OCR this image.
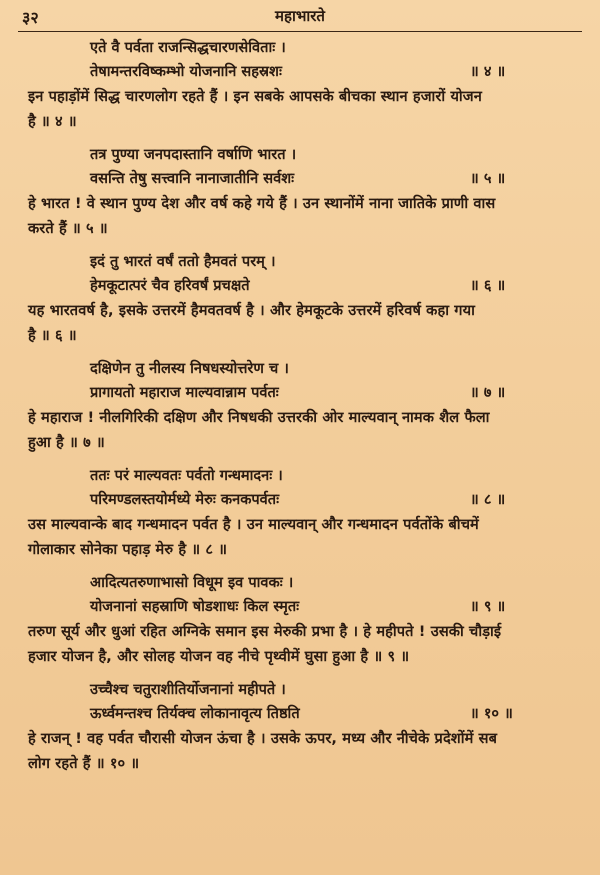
३२	महाभारते
एते वै पर्वता राजन्सिद्धचारणसेविताः ।
तेषामन्तरविष्कम्भो योजनानि सहस्रशः	॥ ४ ॥
इन पहाड़ोंमें सिद्ध चारणलोग रहते हैं । इन सबके आपसके बीचका स्थान हजारों योजन
है ॥ ४ ॥
तत्र पुण्या जनपदास्तानि वर्षाणि भारत ।
वसन्ति तेषु सत्त्वानि नानाजातीनि सर्वशः	॥ ५ ॥
हे भारत ! वे स्थान पुण्य देश और वर्ष कहे गये हैं । उन स्थानोंमें नाना जातिके प्राणी वास
करते हैं ॥ ५ ॥
इदं तु भारतं वर्षं ततो हैमवतं परम् ।
हेमकूटात्परं चैव हरिवर्षं प्रचक्षते	॥ ६ ॥
यह भारतवर्ष है, इसके उत्तरमें हैमवतवर्ष है । और हेमकूटके उत्तरमें हरिवर्ष कहा गया
है ॥ ६ ॥
दक्षिणेन तु नीलस्य निषधस्योत्तरेण च ।
प्रागायतो महाराज माल्यवान्नाम पर्वतः	॥ ७ ॥
हे महाराज ! नीलगिरिकी दक्षिण और निषधकी उत्तरकी ओर माल्यवान् नामक शैल फैला
हुआ है ॥ ७ ॥
ततः परं माल्यवतः पर्वतो गन्धमादनः ।
परिमण्डलस्तयोर्मध्ये मेरुः कनकपर्वतः	॥ ८ ॥
उस माल्यवान्के बाद गन्धमादन पर्वत है । उन माल्यवान् और गन्धमादन पर्वतोंके बीचमें
गोलाकार सोनेका पहाड़ मेरु है ॥ ८ ॥
आदित्यतरुणाभासो विधूम इव पावकः ।
योजनानां सहस्राणि षोडशाधः किल स्मृतः	॥ ९ ॥
तरुण सूर्य और धुआं रहित अग्निके समान इस मेरुकी प्रभा है । हे महीपते ! उसकी चौड़ाई
हजार योजन है, और सोलह योजन वह नीचे पृथ्वीमें घुसा हुआ है ॥ ९ ॥
उच्चैश्च चतुराशीतिर्योजनानां महीपते ।
ऊर्ध्वमन्तश्च तिर्यक्च लोकानावृत्य तिष्ठति	॥ १० ॥
हे राजन् ! वह पर्वत चौरासी योजन ऊंचा है । उसके ऊपर, मध्य और नीचेके प्रदेशोंमें सब
लोग रहते हैं ॥ १० ॥
